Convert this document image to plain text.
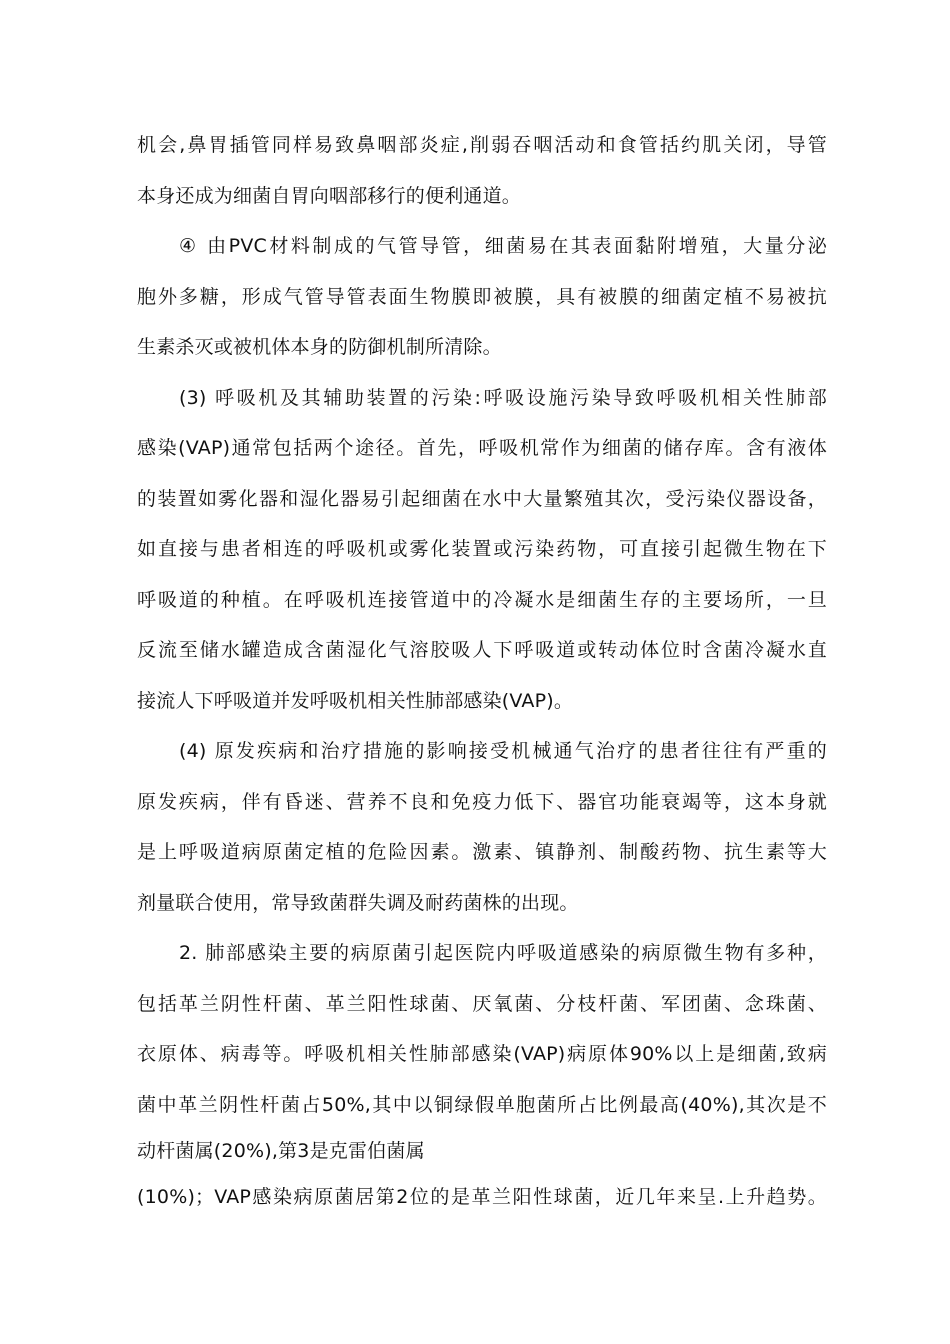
机会,鼻胃插管同样易致鼻咽部炎症,削弱吞咽活动和食管括约肌关闭，导管
本身还成为细菌自胃向咽部移行的便利通道。
④ 由PVC材料制成的气管导管，细菌易在其表面黏附增殖，大量分泌
胞外多糖，形成气管导管表面生物膜即被膜，具有被膜的细菌定植不易被抗
生素杀灭或被机体本身的防御机制所清除。
(3) 呼吸机及其辅助装置的污染:呼吸设施污染导致呼吸机相关性肺部
感染(VAP)通常包括两个途径。首先，呼吸机常作为细菌的储存库。含有液体
的装置如雾化器和湿化器易引起细菌在水中大量繁殖其次，受污染仪器设备，
如直接与患者相连的呼吸机或雾化装置或污染药物，可直接引起微生物在下
呼吸道的种植。在呼吸机连接管道中的冷凝水是细菌生存的主要场所，一旦
反流至储水罐造成含菌湿化气溶胶吸人下呼吸道或转动体位时含菌冷凝水直
接流人下呼吸道并发呼吸机相关性肺部感染(VAP)。
(4) 原发疾病和治疗措施的影响接受机械通气治疗的患者往往有严重的
原发疾病，伴有昏迷、营养不良和免疫力低下、器官功能衰竭等，这本身就
是上呼吸道病原菌定植的危险因素。激素、镇静剂、制酸药物、抗生素等大
剂量联合使用，常导致菌群失调及耐药菌株的出现。
2. 肺部感染主要的病原菌引起医院内呼吸道感染的病原微生物有多种，
包括革兰阴性杆菌、革兰阳性球菌、厌氧菌、分枝杆菌、军团菌、念珠菌、
衣原体、病毒等。呼吸机相关性肺部感染(VAP)病原体90%以上是细菌,致病
菌中革兰阴性杆菌占50%,其中以铜绿假单胞菌所占比例最高(40%),其次是不
动杆菌属(20%),第3是克雷伯菌属
(10%)；VAP感染病原菌居第2位的是革兰阳性球菌，近几年来呈.上升趋势。
